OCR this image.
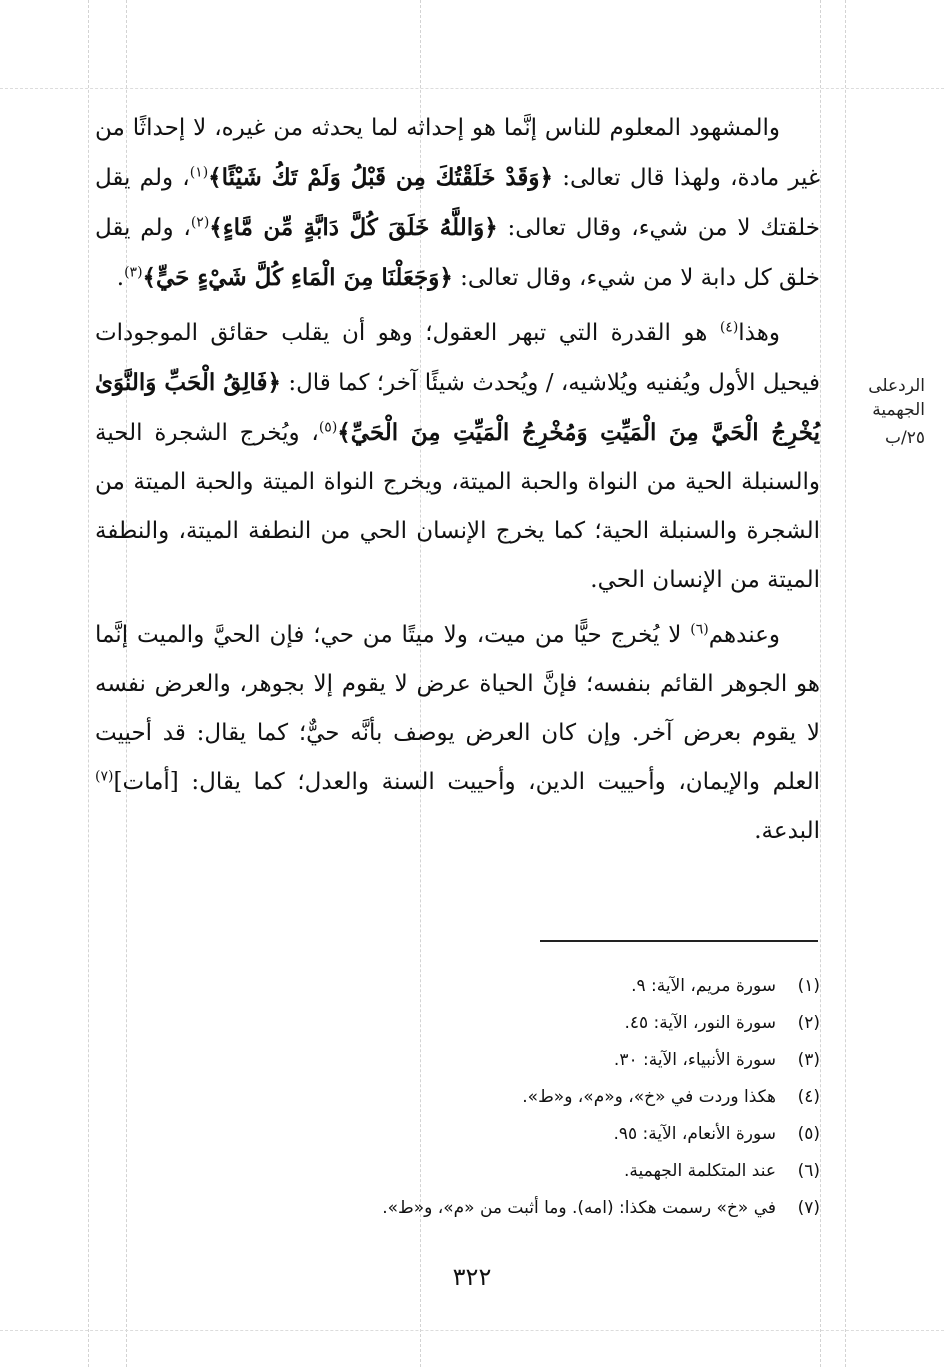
والمشهود المعلوم للناس إنَّما هو إحداثه لما يحدثه من غيره، لا إحداثًا من غير مادة، ولهذا قال تعالى: ﴿وَقَدْ خَلَقْتُكَ مِن قَبْلُ وَلَمْ تَكُ شَيْئًا﴾$^{(١)}$، ولم يقل خلقتك لا من شيء، وقال تعالى: ﴿وَاللَّهُ خَلَقَ كُلَّ دَابَّةٍ مِّن مَّاءٍ﴾$^{(٢)}$، ولم يقل خلق كل دابة لا من شيء، وقال تعالى: ﴿وَجَعَلْنَا مِنَ الْمَاءِ كُلَّ شَيْءٍ حَيٍّ﴾$^{(٣)}$.

وهذا$^{(٤)}$ هو القدرة التي تبهر العقول؛ وهو أن يقلب حقائق الموجودات فيحيل الأول ويُفنيه ويُلاشيه، / ويُحدث شيئًا آخر؛ كما قال: ﴿فَالِقُ الْحَبِّ وَالنَّوَىٰ يُخْرِجُ الْحَيَّ مِنَ الْمَيِّتِ وَمُخْرِجُ الْمَيِّتِ مِنَ الْحَيِّ﴾$^{(٥)}$، ويُخرج الشجرة الحية والسنبلة الحية من النواة والحبة الميتة، ويخرج النواة الميتة والحبة الميتة من الشجرة والسنبلة الحية؛ كما يخرج الإنسان الحي من النطفة الميتة، والنطفة الميتة من الإنسان الحي.

وعندهم$^{(٦)}$ لا يُخرج حيًّا من ميت، ولا ميتًا من حي؛ فإن الحيَّ والميت إنَّما هو الجوهر القائم بنفسه؛ فإنَّ الحياة عرض لا يقوم إلا بجوهر، والعرض نفسه لا يقوم بعرض آخر. وإن كان العرض يوصف بأنَّه حيٌّ؛ كما يقال: قد أحييت العلم والإيمان، وأحييت الدين، وأحييت السنة والعدل؛ كما يقال: [أمات]$^{(٧)}$ البدعة.

الردعلى الجهمية
٢٥/ب
(١)
سورة مريم، الآية: ٩.
(٢)
سورة النور، الآية: ٤٥.
(٣)
سورة الأنبياء، الآية: ٣٠.
(٤)
هكذا وردت في «خ»، و«م»، و«ط».
(٥)
سورة الأنعام، الآية: ٩٥.
(٦)
عند المتكلمة الجهمية.
(٧)
في «خ» رسمت هكذا: (امه). وما أثبت من «م»، و«ط».
٣٢٢
